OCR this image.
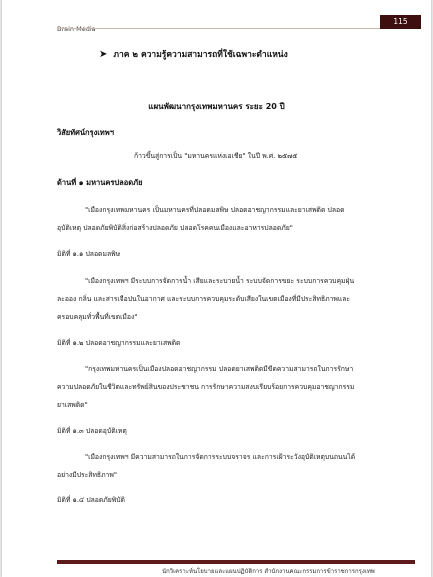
Brain Media
115
➤ ภาค ๒ ความรู้ความสามารถที่ใช้เฉพาะตำแหน่ง
แผนพัฒนากรุงเทพมหานคร ระยะ 20 ปี
วิสัยทัศน์กรุงเทพฯ
ก้าวขึ้นสู่การเป็น "มหานครแห่งเอเชีย" ในปี พ.ศ. ๒๕๗๕
ด้านที่ ๑ มหานครปลอดภัย
"เมืองกรุงเทพมหานคร เป็นมหานครที่ปลอดมลพิษ ปลอดอาชญากรรมและยาเสพติด ปลอด
อุบัติเหตุ ปลอดภัยพิบัติสิ่งก่อสร้างปลอดภัย ปลอดโรคคนเมืองและอาหารปลอดภัย"
มิติที่ ๑.๑ ปลอดมลพิษ
"เมืองกรุงเทพฯ มีระบบการจัดการน้ำ เสียและระบายน้ำ ระบบจัดการขยะ ระบบการควบคุมฝุ่น
ละออง กลิ่น และสารเจือปนในอากาศ และระบบการควบคุมระดับเสียงในเขตเมืองที่มีประสิทธิภาพและ
ครอบคลุมทั่วพื้นที่เขตเมือง"
มิติที่ ๑.๒ ปลอดอาชญากรรมและยาเสพติด
"กรุงเทพมหานครเป็นเมืองปลอดอาชญากรรม ปลอดยาเสพติดมีขีดความสามารถในการรักษา
ความปลอดภัยในชีวิตและทรัพย์สินของประชาชน การรักษาความสงบเรียบร้อยการควบคุมอาชญากรรม
ยาเสพติด"
มิติที่ ๑.๓ ปลอดอุบัติเหตุ
"เมืองกรุงเทพฯ มีความสามารถในการจัดการระบบจราจร และการเฝ้าระวังอุบัติเหตุบนถนนได้
อย่างมีประสิทธิภาพ"
มิติที่ ๑.๔ ปลอดภัยพิบัติ
นักวิเคราะห์นโยบายและแผนปฏิบัติการ สำนักงานคณะกรรมการข้าราชการกรุงเทพ
